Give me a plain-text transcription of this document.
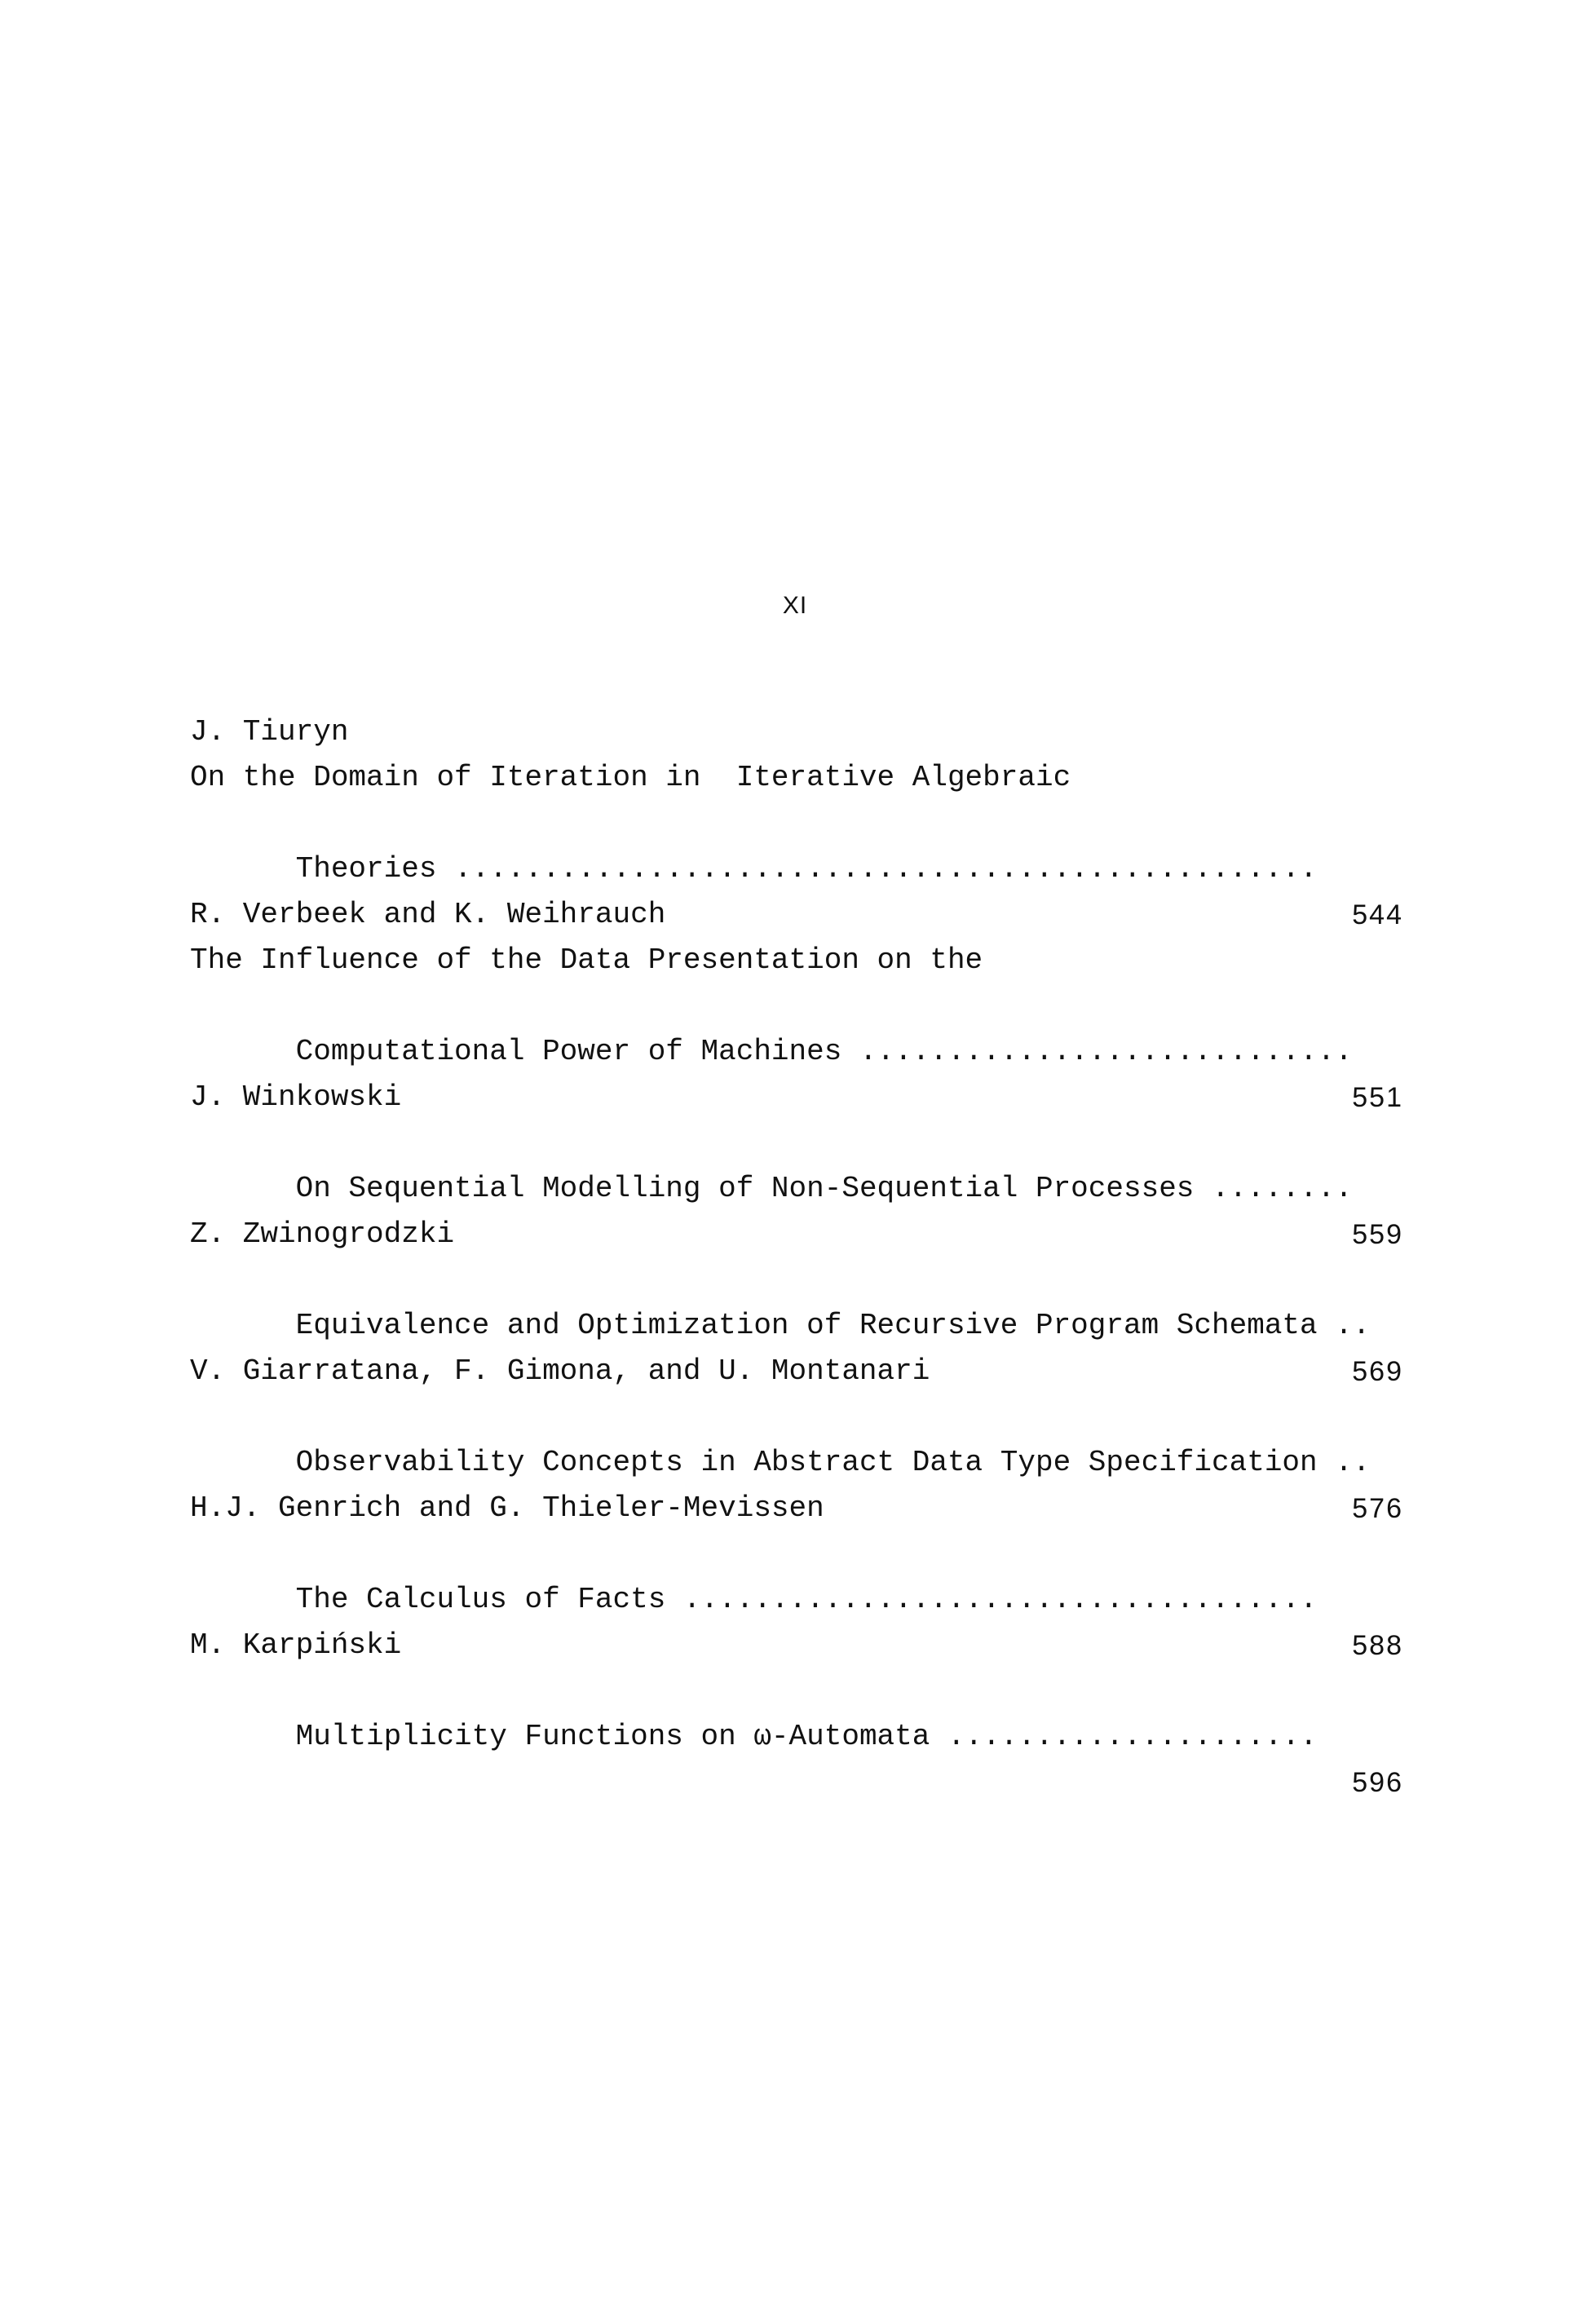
XI
J. Tiuryn
On the Domain of Iteration in  Iterative Algebraic

Theories .................................................

544

R. Verbeek and K. Weihrauch
The Influence of the Data Presentation on the

Computational Power of Machines ............................

551

J. Winkowski

On Sequential Modelling of Non-Sequential Processes ........

559

Z. Zwinogrodzki

Equivalence and Optimization of Recursive Program Schemata ..

569

V. Giarratana, F. Gimona, and U. Montanari

Observability Concepts in Abstract Data Type Specification ..

576

H.J. Genrich and G. Thieler-Mevissen

The Calculus of Facts ....................................

588

M. Karpiński

Multiplicity Functions on ω-Automata .....................

596
